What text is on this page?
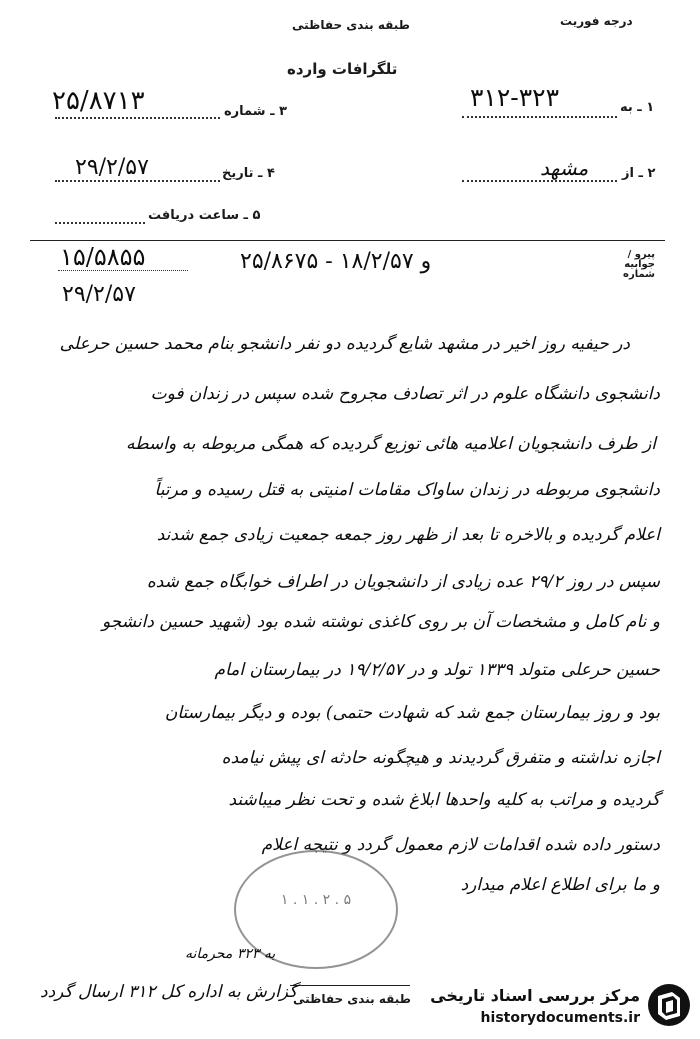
درجه فوریت
طبقه بندی حفاظتی
تلگرافات وارده
۱ ـ به
۳۱۲-۳۲۳
۳ ـ شماره
۲۵/۸۷۱۳
۲ ـ از
مشهد
۴ ـ تاریخ
۲۹/۲/۵۷
۵ ـ ساعت دریافت
پیرو / جوابیه شماره
۲۵/۸۶۷۵ - ۱۸/۲/۵۷ و
۱۵/۵۸۵۵
۲۹/۲/۵۷
در حیفیه روز اخیر در مشهد شایع گردیده دو نفر دانشجو بنام محمد حسین حرعلی
دانشجوی دانشگاه علوم در اثر تصادف مجروح شده سپس در زندان فوت
از طرف دانشجویان اعلامیه هائی توزیع گردیده که همگی مربوطه به واسطه
دانشجوی مربوطه در زندان ساواک مقامات امنیتی به قتل رسیده و مرتباً
اعلام گردیده و بالاخره تا بعد از ظهر روز جمعه جمعیت زیادی جمع شدند
سپس در روز ۲۹/۲ عده زیادی از دانشجویان در اطراف خوابگاه جمع شده
و نام کامل و مشخصات آن بر روی کاغذی نوشته شده بود (شهید حسین دانشجو
حسین حرعلی متولد ۱۳۳۹ تولد و در ۱۹/۲/۵۷ در بیمارستان امام
بود و روز بیمارستان جمع شد که شهادت حتمی) بوده و دیگر بیمارستان
اجازه نداشته و متفرق گردیدند و هیچگونه حادثه ای پیش نیامده
گردیده و مراتب به کلیه واحدها ابلاغ شده و تحت نظر میباشند
دستور داده شده اقدامات لازم معمول گردد و نتیجه اعلام
و ما برای اطلاع اعلام میدارد
۵ . ۲ . ۱ . ۱
به ۳۲۳ محرمانه
طبقه بندی حفاظتی
گزارش به اداره کل ۳۱۲ ارسال گردد	مرکز بررسی اسناد تاریخی
historydocuments.ir
